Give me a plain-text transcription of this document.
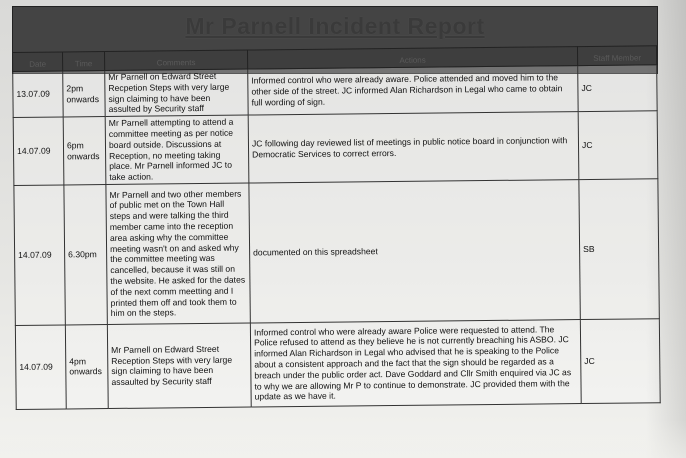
Mr Parnell Incident Report
Date	Time	Comments	Actions	Staff Member
13.07.09	2pm onwards	Mr Parnell on Edward Street Recpetion Steps with very large sign claiming to have been assulted by Security staff	Informed control who were already aware. Police attended and moved him to the other side of the street. JC informed Alan Richardson in Legal who came to obtain full wording of sign.	JC
14.07.09	6pm onwards	Mr Parnell attempting to attend a committee meeting as per notice board outside. Discussions at Reception, no meeting taking place. Mr Parnell informed JC to take action.	JC following day reviewed list of meetings in public notice board in conjunction with Democratic Services to correct errors.	JC
14.07.09	6.30pm	Mr Parnell and two other members of public met on the Town Hall steps and were talking the third member came into the reception area asking why the committee meeting wasn't on and asked why the committee meeting was cancelled, because it was still on the website. He asked for the dates of the next comm meetting and I printed them off and took them to him on the steps.	documented on this spreadsheet	SB
14.07.09	4pm onwards	Mr Parnell on Edward Street Reception Steps with very large sign claiming to have been assaulted by Security staff	Informed control who were already aware Police were requested to attend. The Police refused to attend as they believe he is not currently breaching his ASBO. JC informed Alan Richardson in Legal who advised that he is speaking to the Police about a consistent approach and the fact that the sign should be regarded as a breach under the public order act. Dave Goddard and Cllr Smith enquired via JC as to why we are allowing Mr P to continue to demonstrate. JC provided them with the update as we have it.	JC
